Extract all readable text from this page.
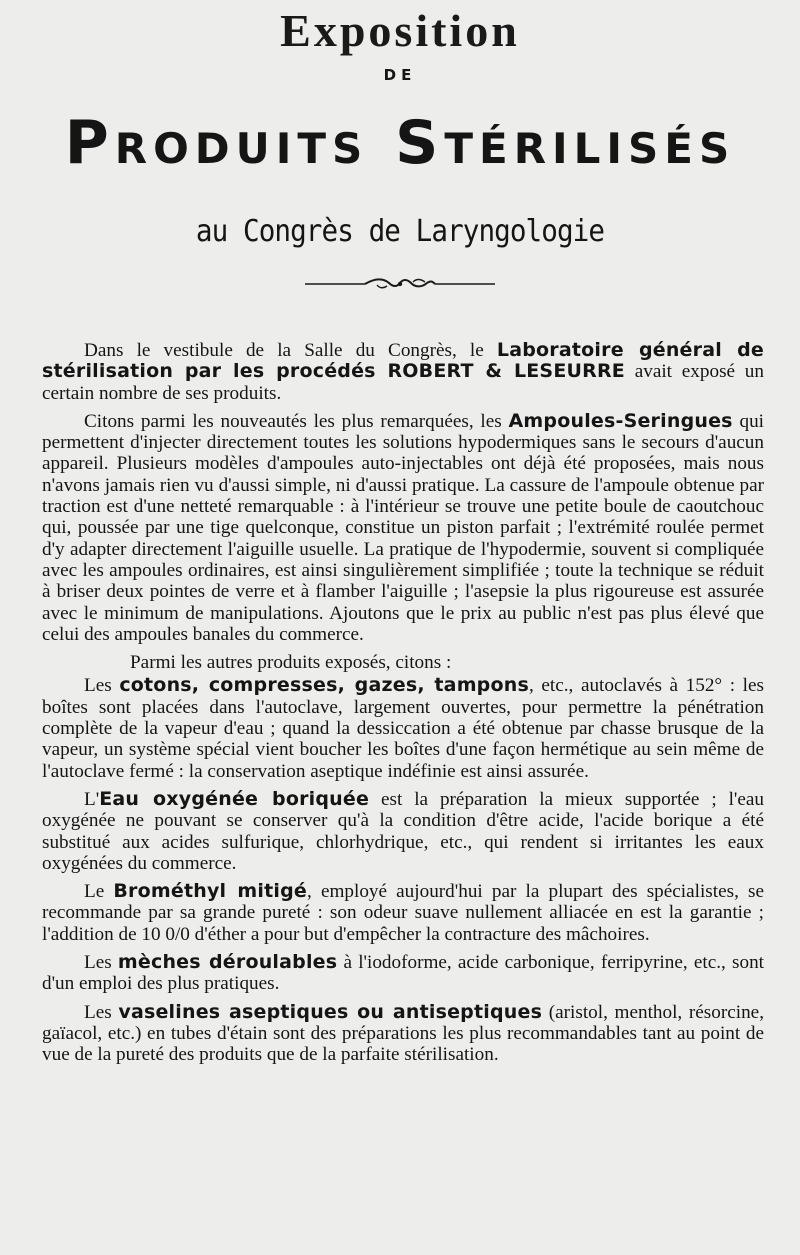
Exposition
DE
Produits Stérilisés
au Congrès de Laryngologie

Dans le vestibule de la Salle du Congrès, le Laboratoire général de stérilisation par les procédés ROBERT & LESEURRE avait exposé un certain nombre de ses produits.

Citons parmi les nouveautés les plus remarquées, les Ampoules-Seringues qui permettent d'injecter directement toutes les solutions hypodermiques sans le secours d'aucun appareil. Plusieurs modèles d'ampoules auto-injectables ont déjà été proposées, mais nous n'avons jamais rien vu d'aussi simple, ni d'aussi pratique. La cassure de l'ampoule obtenue par traction est d'une netteté remarquable : à l'intérieur se trouve une petite boule de caoutchouc qui, poussée par une tige quelconque, constitue un piston parfait ; l'extrémité roulée permet d'y adapter directement l'aiguille usuelle. La pratique de l'hypodermie, souvent si compliquée avec les ampoules ordinaires, est ainsi singulièrement simplifiée ; toute la technique se réduit à briser deux pointes de verre et à flamber l'aiguille ; l'asepsie la plus rigoureuse est assurée avec le minimum de manipulations. Ajoutons que le prix au public n'est pas plus élevé que celui des ampoules banales du commerce.

Parmi les autres produits exposés, citons :

Les cotons, compresses, gazes, tampons, etc., autoclavés à 152° : les boîtes sont placées dans l'autoclave, largement ouvertes, pour permettre la pénétration complète de la vapeur d'eau ; quand la dessiccation a été obtenue par chasse brusque de la vapeur, un système spécial vient boucher les boîtes d'une façon hermétique au sein même de l'autoclave fermé : la conservation aseptique indéfinie est ainsi assurée.

L'Eau oxygénée boriquée est la préparation la mieux supportée ; l'eau oxygénée ne pouvant se conserver qu'à la condition d'être acide, l'acide borique a été substitué aux acides sulfurique, chlorhydrique, etc., qui rendent si irritantes les eaux oxygénées du commerce.

Le Brométhyl mitigé, employé aujourd'hui par la plupart des spécialistes, se recommande par sa grande pureté : son odeur suave nullement alliacée en est la garantie ; l'addition de 10 0/0 d'éther a pour but d'empêcher la contracture des mâchoires.

Les mèches déroulables à l'iodoforme, acide carbonique, ferripyrine, etc., sont d'un emploi des plus pratiques.

Les vaselines aseptiques ou antiseptiques (aristol, menthol, résorcine, gaïacol, etc.) en tubes d'étain sont des préparations les plus recommandables tant au point de vue de la pureté des produits que de la parfaite stérilisation.
